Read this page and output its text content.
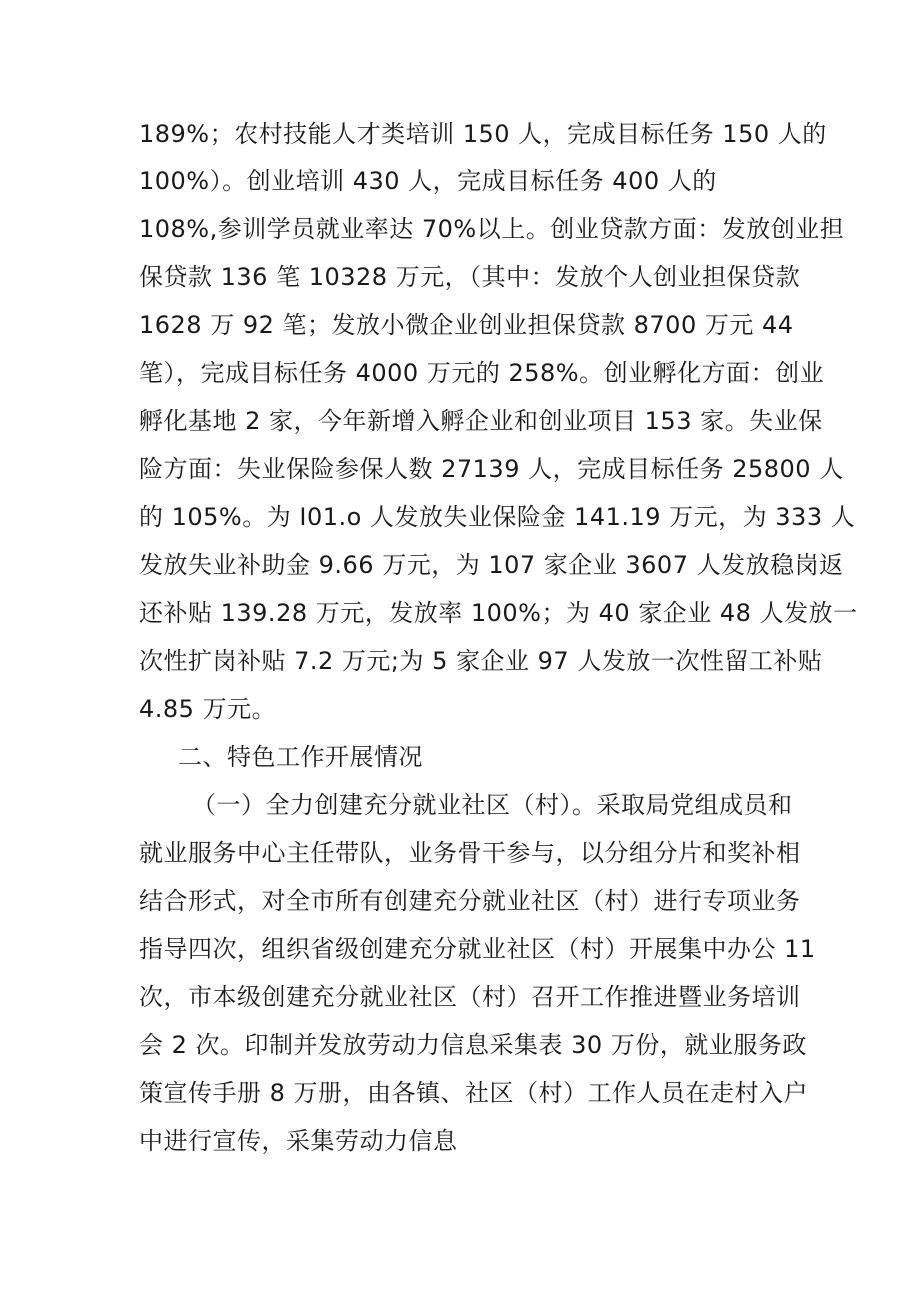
189%；农村技能人才类培训 150 人，完成目标任务 150 人的
100%）。创业培训 430 人，完成目标任务 400 人的
108%,参训学员就业率达 70%以上。创业贷款方面：发放创业担
保贷款 136 笔 10328 万元，（其中：发放个人创业担保贷款
1628 万 92 笔；发放小微企业创业担保贷款 8700 万元 44
笔），完成目标任务 4000 万元的 258%。创业孵化方面：创业
孵化基地 2 家，今年新增入孵企业和创业项目 153 家。失业保
险方面：失业保险参保人数 27139 人，完成目标任务 25800 人
的 105%。为 I01.o 人发放失业保险金 141.19 万元，为 333 人
发放失业补助金 9.66 万元，为 107 家企业 3607 人发放稳岗返
还补贴 139.28 万元，发放率 100%；为 40 家企业 48 人发放一
次性扩岗补贴 7.2 万元;为 5 家企业 97 人发放一次性留工补贴
4.85 万元。
二、特色工作开展情况
（一）全力创建充分就业社区（村）。采取局党组成员和
就业服务中心主任带队，业务骨干参与，以分组分片和奖补相
结合形式，对全市所有创建充分就业社区（村）进行专项业务
指导四次，组织省级创建充分就业社区（村）开展集中办公 11
次，市本级创建充分就业社区（村）召开工作推进暨业务培训
会 2 次。印制并发放劳动力信息采集表 30 万份，就业服务政
策宣传手册 8 万册，由各镇、社区（村）工作人员在走村入户
中进行宣传，采集劳动力信息
